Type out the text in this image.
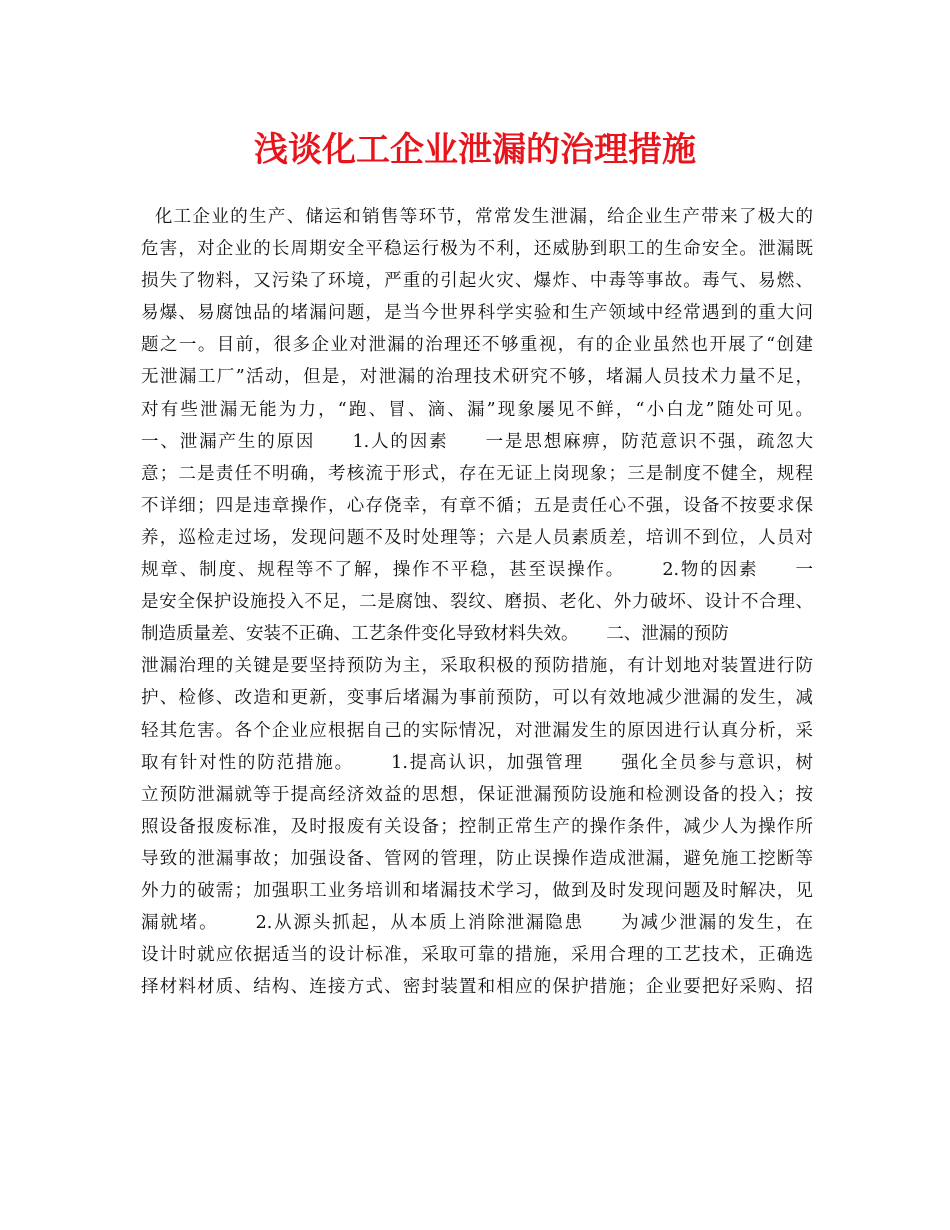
浅谈化工企业泄漏的治理措施
化工企业的生产、储运和销售等环节，常常发生泄漏，给企业生产带来了极大的
危害，对企业的长周期安全平稳运行极为不利，还威胁到职工的生命安全。泄漏既
损失了物料，又污染了环境，严重的引起火灾、爆炸、中毒等事故。毒气、易燃、
易爆、易腐蚀品的堵漏问题，是当今世界科学实验和生产领域中经常遇到的重大问
题之一。目前，很多企业对泄漏的治理还不够重视，有的企业虽然也开展了“创建
无泄漏工厂”活动，但是，对泄漏的治理技术研究不够，堵漏人员技术力量不足，
对有些泄漏无能为力，“跑、冒、滴、漏”现象屡见不鲜，“小白龙”随处可见。
一、泄漏产生的原因     1.人的因素     一是思想麻痹，防范意识不强，疏忽大
意；二是责任不明确，考核流于形式，存在无证上岗现象；三是制度不健全，规程
不详细；四是违章操作，心存侥幸，有章不循；五是责任心不强，设备不按要求保
养，巡检走过场，发现问题不及时处理等；六是人员素质差，培训不到位，人员对
规章、制度、规程等不了解，操作不平稳，甚至误操作。     2.物的因素     一
是安全保护设施投入不足，二是腐蚀、裂纹、磨损、老化、外力破坏、设计不合理、
制造质量差、安装不正确、工艺条件变化导致材料失效。     二、泄漏的预防
泄漏治理的关键是要坚持预防为主，采取积极的预防措施，有计划地对装置进行防
护、检修、改造和更新，变事后堵漏为事前预防，可以有效地减少泄漏的发生，减
轻其危害。各个企业应根据自己的实际情况，对泄漏发生的原因进行认真分析，采
取有针对性的防范措施。     1.提高认识，加强管理     强化全员参与意识，树
立预防泄漏就等于提高经济效益的思想，保证泄漏预防设施和检测设备的投入；按
照设备报废标准，及时报废有关设备；控制正常生产的操作条件，减少人为操作所
导致的泄漏事故；加强设备、管网的管理，防止误操作造成泄漏，避免施工挖断等
外力的破需；加强职工业务培训和堵漏技术学习，做到及时发现问题及时解决，见
漏就堵。     2.从源头抓起，从本质上消除泄漏隐患     为减少泄漏的发生，在
设计时就应依据适当的设计标准，采取可靠的措施，采用合理的工艺技术，正确选
择材料材质、结构、连接方式、密封装置和相应的保护措施；企业要把好采购、招
